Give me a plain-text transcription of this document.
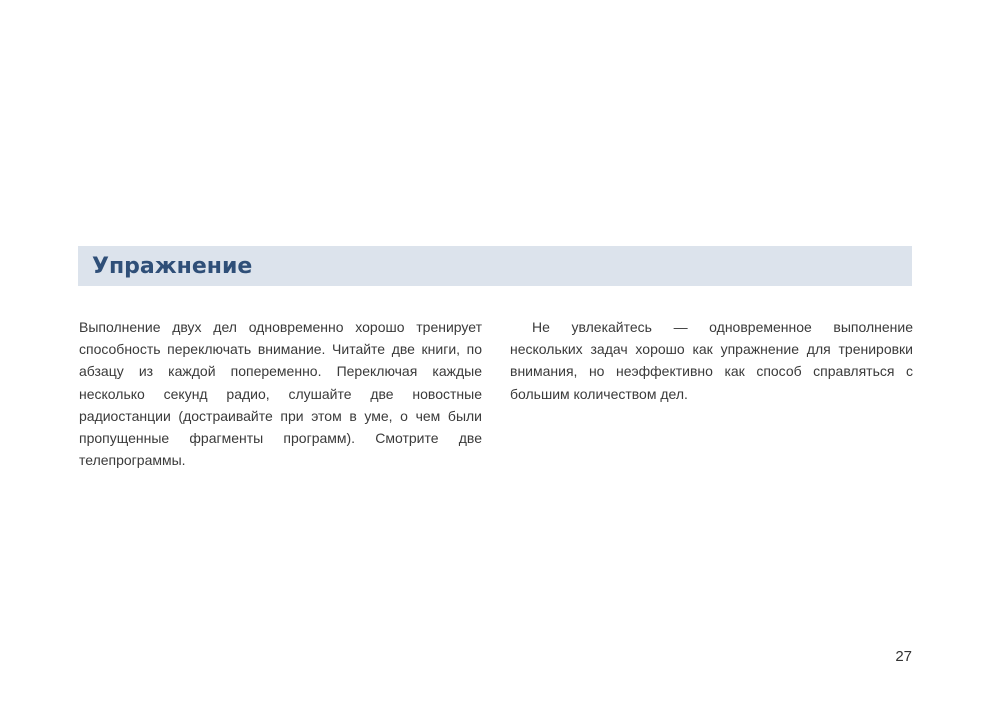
Упражнение

Выполнение двух дел одновременно хорошо тренирует способность переключать внимание. Читайте две книги, по абзацу из каждой попеременно. Переключая каждые несколько секунд радио, слушайте две новостные радиостанции (достраивайте при этом в уме, о чем были пропущенные фрагменты программ). Смотрите две телепрограммы.

Не увлекайтесь — одновременное выполнение нескольких задач хорошо как упражнение для тренировки внимания, но неэффективно как способ справляться с большим количеством дел.

27
